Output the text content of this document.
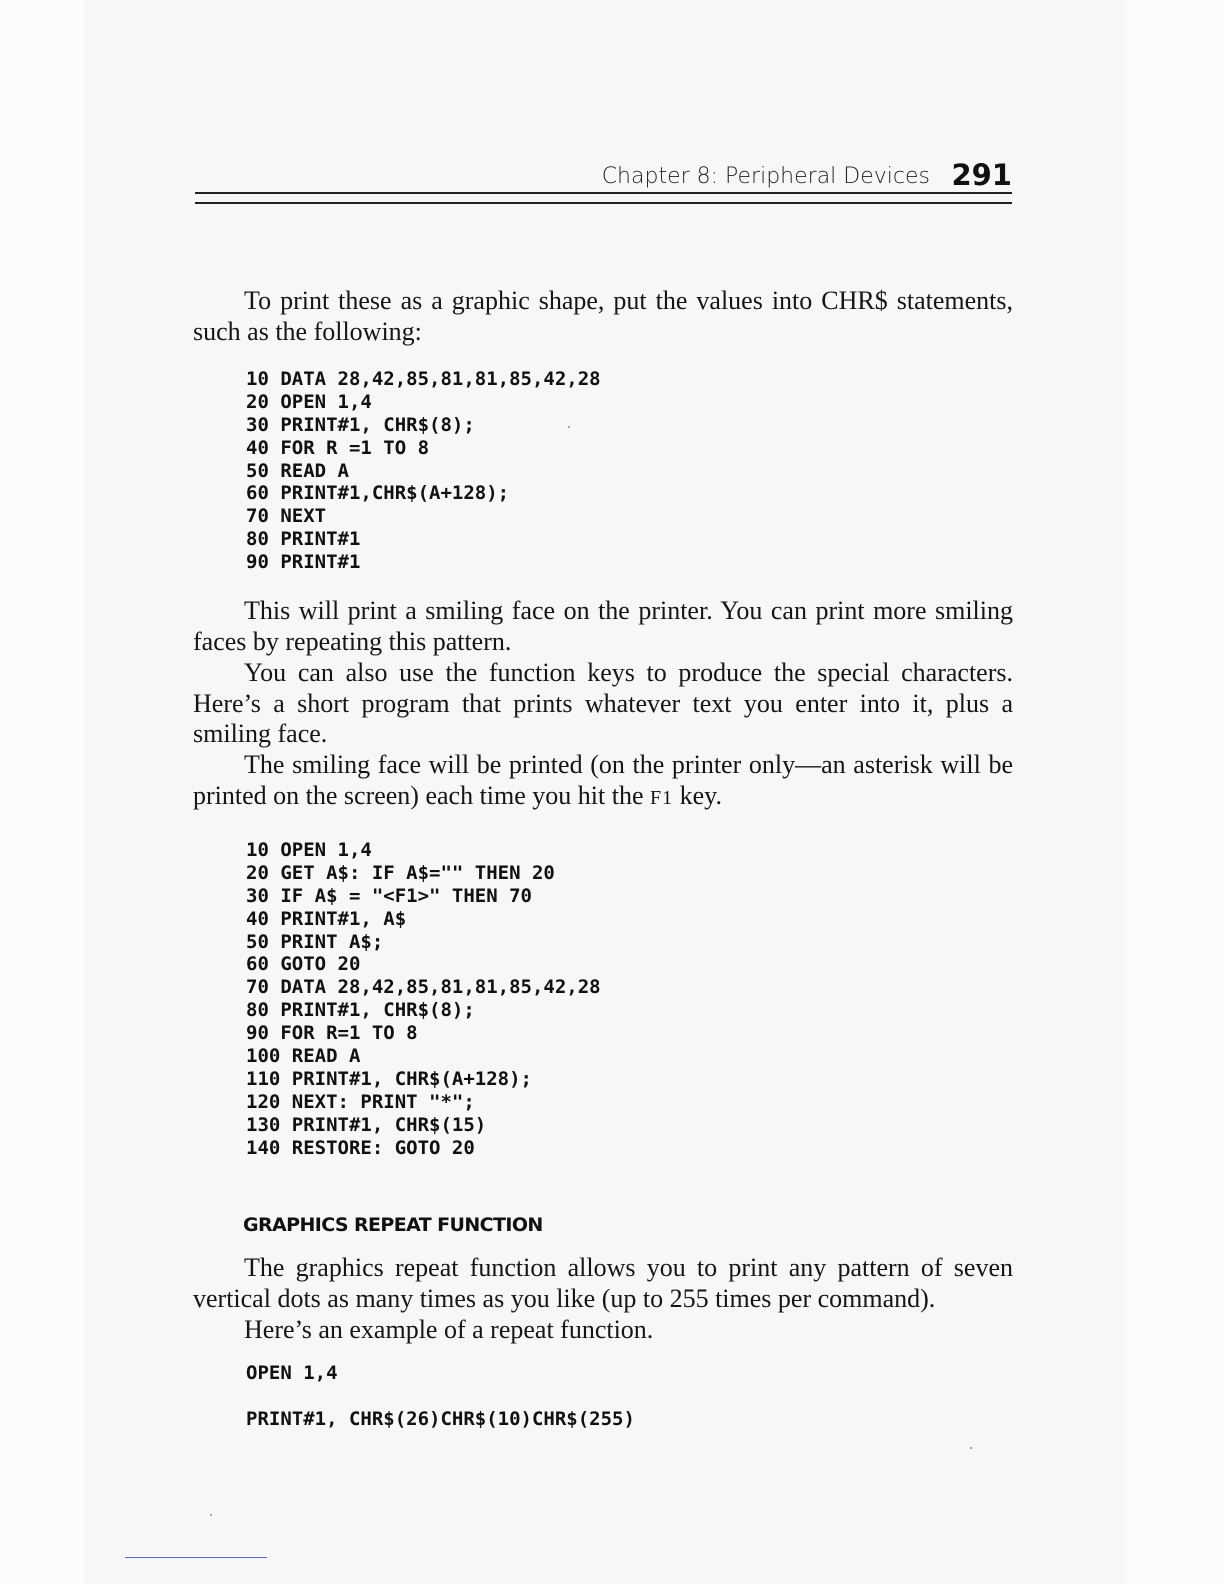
Chapter 8: Peripheral Devices 291

To print these as a graphic shape, put the values into CHR$ statements, such as the following:

10 DATA 28,42,85,81,81,85,42,28
20 OPEN 1,4
30 PRINT#1, CHR$(8);
40 FOR R =1 TO 8
50 READ A
60 PRINT#1,CHR$(A+128);
70 NEXT
80 PRINT#1
90 PRINT#1

This will print a smiling face on the printer. You can print more smiling faces by repeating this pattern.

You can also use the function keys to produce the special characters. Here’s a short program that prints whatever text you enter into it, plus a smiling face.

The smiling face will be printed (on the printer only—an asterisk will be printed on the screen) each time you hit the F1 key.

10 OPEN 1,4
20 GET A$: IF A$="" THEN 20
30 IF A$ = "<F1>" THEN 70
40 PRINT#1, A$
50 PRINT A$;
60 GOTO 20
70 DATA 28,42,85,81,81,85,42,28
80 PRINT#1, CHR$(8);
90 FOR R=1 TO 8
100 READ A
110 PRINT#1, CHR$(A+128);
120 NEXT: PRINT "*";
130 PRINT#1, CHR$(15)
140 RESTORE: GOTO 20
GRAPHICS REPEAT FUNCTION

The graphics repeat function allows you to print any pattern of seven vertical dots as many times as you like (up to 255 times per command).

Here’s an example of a repeat function.

OPEN 1,4
PRINT#1, CHR$(26)CHR$(10)CHR$(255)
